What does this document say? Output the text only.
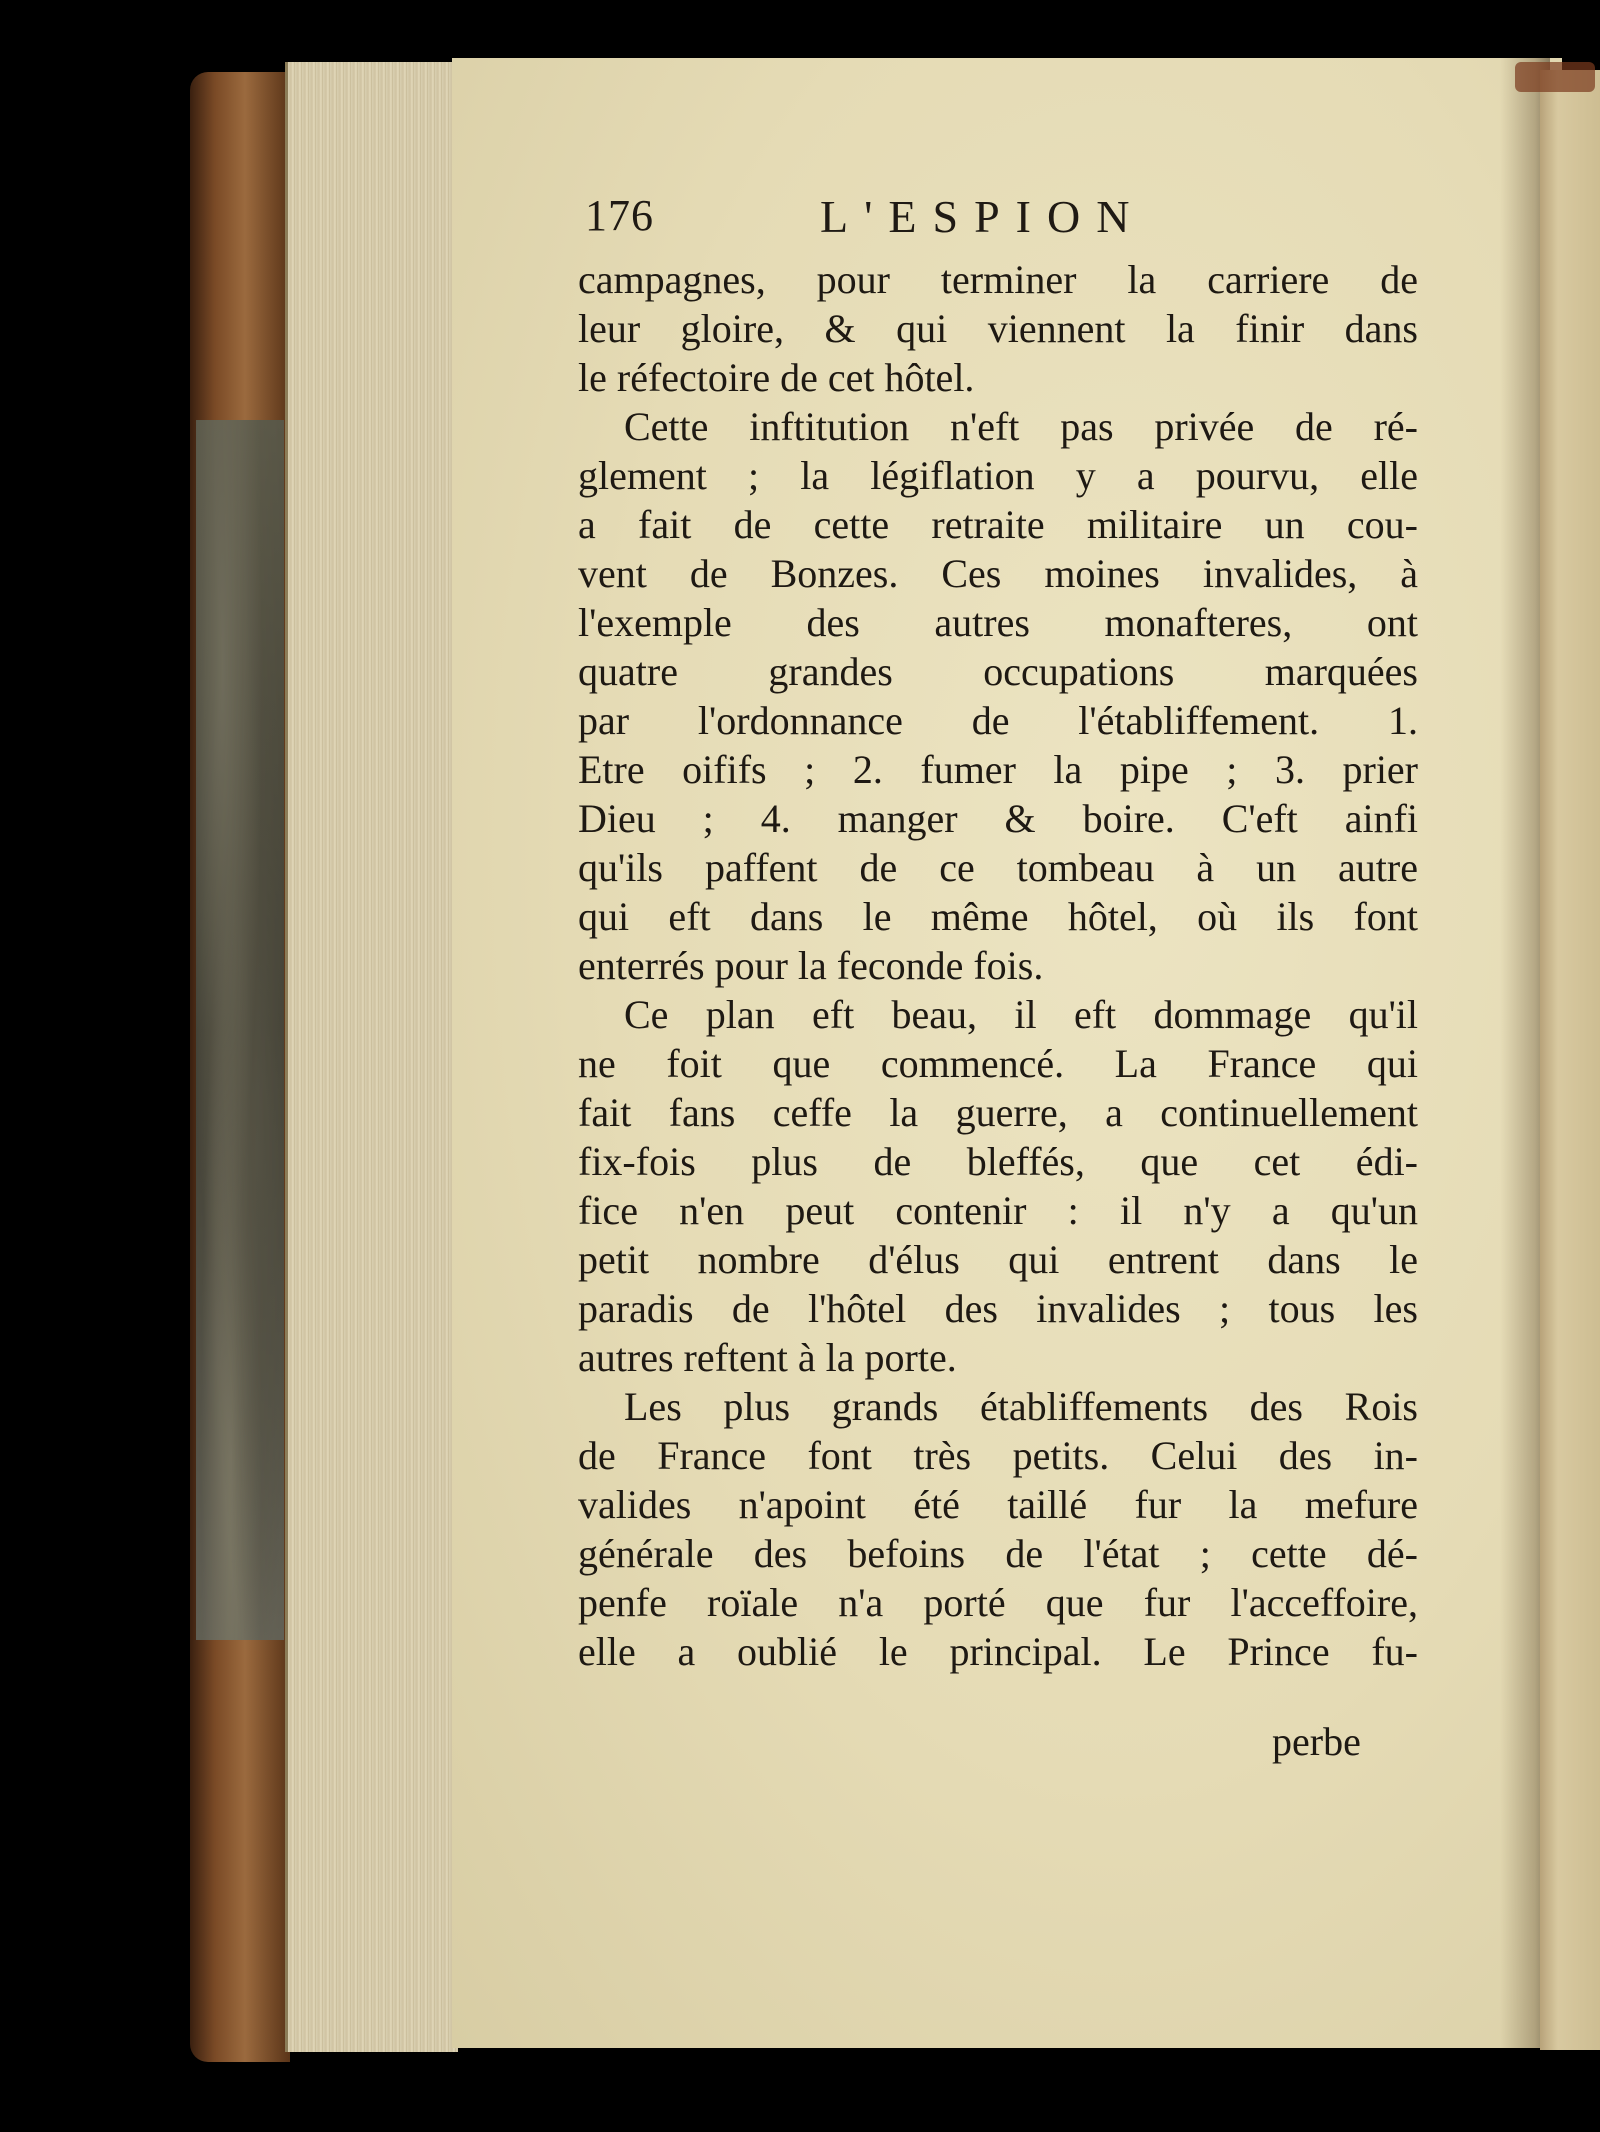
176	L'ESPION
campagnes, pour terminer la carriere de
leur gloire, & qui viennent la finir dans
le réfectoire de cet hôtel.
Cette inftitution n'eft pas privée de ré-
glement ; la légiflation y a pourvu, elle
a fait de cette retraite militaire un cou-
vent de Bonzes. Ces moines invalides, à
l'exemple des autres monafteres, ont
quatre grandes occupations marquées
par l'ordonnance de l'établiffement. 1.
Etre oififs ; 2. fumer la pipe ; 3. prier
Dieu ; 4. manger & boire. C'eft ainfi
qu'ils paffent de ce tombeau à un autre
qui eft dans le même hôtel, où ils font
enterrés pour la feconde fois.
Ce plan eft beau, il eft dommage qu'il
ne foit que commencé. La France qui
fait fans ceffe la guerre, a continuellement
fix-fois plus de bleffés, que cet édi-
fice n'en peut contenir : il n'y a qu'un
petit nombre d'élus qui entrent dans le
paradis de l'hôtel des invalides ; tous les
autres reftent à la porte.
Les plus grands établiffements des Rois
de France font très petits. Celui des in-
valides n'apoint été taillé fur la mefure
générale des befoins de l'état ; cette dé-
penfe roïale n'a porté que fur l'acceffoire,
elle a oublié le principal. Le Prince fu-
perbe
